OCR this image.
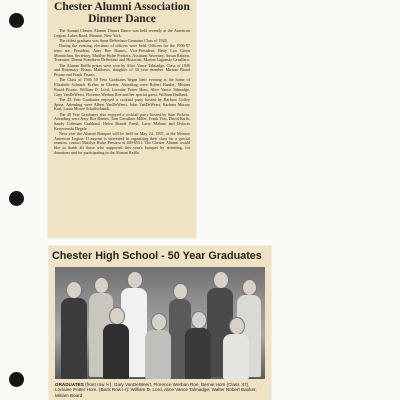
Chester Alumni Association Dinner Dance

The Annual Chester Alumni Dinner Dance was held recently at the American Legion, Lakes Road, Monroe, New York.

The oldest graduate was Anna DeStefano Cimmino Class of 1928.

During the evening, elections of officers were held. Officers for the 1996-97 term are, President, Amy Roe Barnes, Vice-President, Betty Lou Green Monnichan, Secretary, Marilyn Hulse Prestera, Assistant Secretary, Susan Raborn, Treasurer, Donna Scandurra DeStefano and Historian, Marion Lagunski Cavallaro.

The Alumni Raffle prizes were won by Alice Vance Talmadge, Class of 1946 and Rosemary Pisano Matthews, daughter of 50 year member Miriam Board Pisano and Frank Pisano.

The Class of 1946 50 Year Graduates began their evening at the home of Elizabeth Schnack Kreher in Chester. Attending were Robert Banker, Miriam Board Pisano, William D. Lord, Lorraine Potter Hom, Alice Vance Talmadge, Gary VanDeWeert, Florence Werban Roe and her special guest, William Dudland.

The 45 Year Graduates enjoyed a cocktail party hosted by Barbara Coffey Spina. Attending were Albert VanDeWeert, John VanDeWeert, Barbara Murray Karl, Laura Moore Schaffschmidt.

The 40 Year Graduates also enjoyed a cocktail party hosted by Sam Fickera. Attending were Amy Roe Barnes, Tom Cavallaro Miller, Frank Yost, David Barth, Sandy Coleman Cashbard, Helen Brandt Panul, Larry Malone and Dolores Krzywonski Degele.

Next year the Alumni Banquet will be held on May 24, 1997, at the Monroe American Legion. If anyone is interested in organizing their class for a special reunion, contact Marilyn Hulse Prestera at 469-6551. The Chester Alumni would like to thank all those who supported this year's banquet by attending, for donations and for participating in the Alumni Raffle.

Chester High School - 50 Year Graduates
GRADUATES (front row l-r): Gary VanDeWeert, Florence Werban Roe, Bernie Hom (Class '47), Lorraine Potter Hom. (Back Row l-r): William D. Lord, Alice Vance Talmadge, Walter Robert Banker, Miriam Board
